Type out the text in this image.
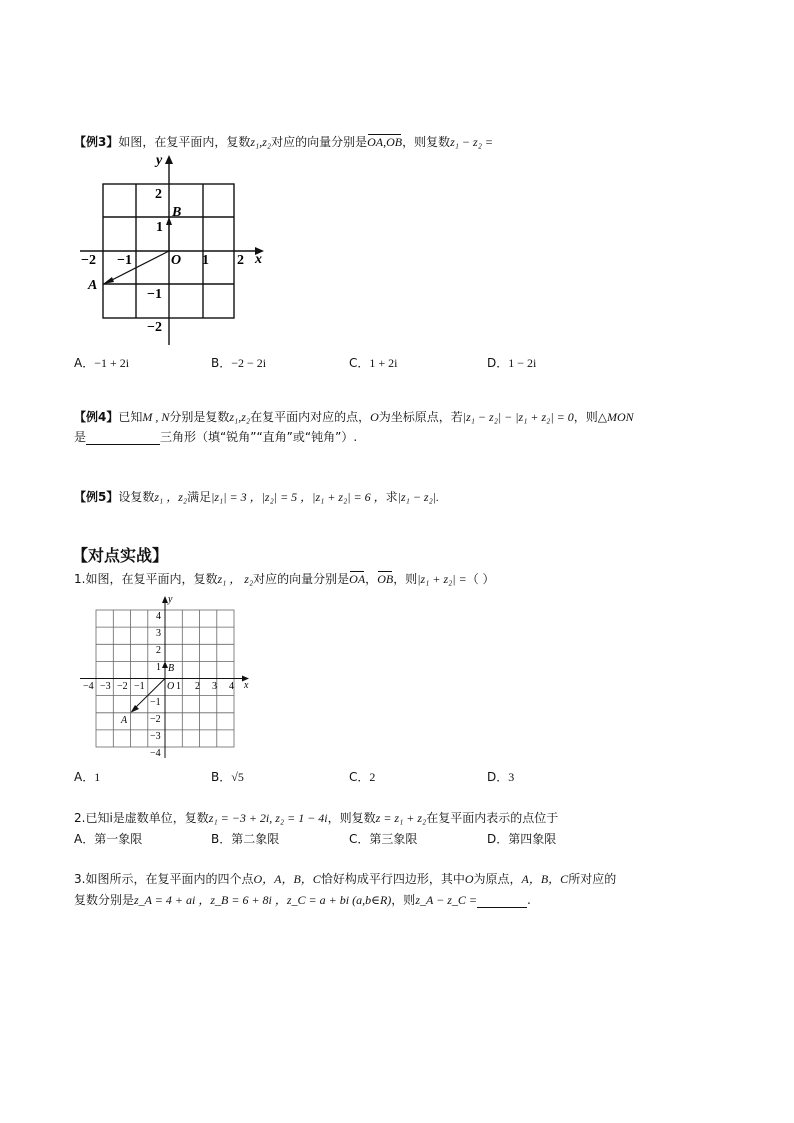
【例3】如图，在复平面内，复数z₁,z₂对应的向量分别是OA,OB，则复数z₁ − z₂ =
y
x
O
A
B
−2 −1	1 2
2
1
−1
−2
A．−1 + 2i	B．−2 − 2i	C．1 + 2i	D．1 − 2i
【例4】已知M , N分别是复数z₁,z₂在复平面内对应的点，O为坐标原点，若|z₁ − z₂| − |z₁ + z₂| = 0，则△MON
是	三角形（填“锐角”“直角”或“钝角”）.
【例5】设复数z₁ ，z₂满足|z₁| = 3 ，|z₂| = 5 ，|z₁ + z₂| = 6 ，求|z₁ − z₂|.
【对点实战】
1.如图，在复平面内，复数z₁ ， z₂对应的向量分别是OA，OB，则|z₁ + z₂| =（ ）
y
x
O
A
B
−4 −3 −2 −1	1 2 3 4
4
3
2
1
−1
−2
−3
−4
A．1	B．√5	C．2	D．3
2.已知i是虚数单位，复数z₁ = −3 + 2i, z₂ = 1 − 4i，则复数z = z₁ + z₂在复平面内表示的点位于
A．第一象限	B．第二象限	C．第三象限	D．第四象限
3.如图所示，在复平面内的四个点O，A，B，C恰好构成平行四边形，其中O为原点，A，B，C所对应的
复数分别是z_A = 4 + ai ，z_B = 6 + 8i ，z_C = a + bi (a,b∈R)，则z_A − z_C =	.
